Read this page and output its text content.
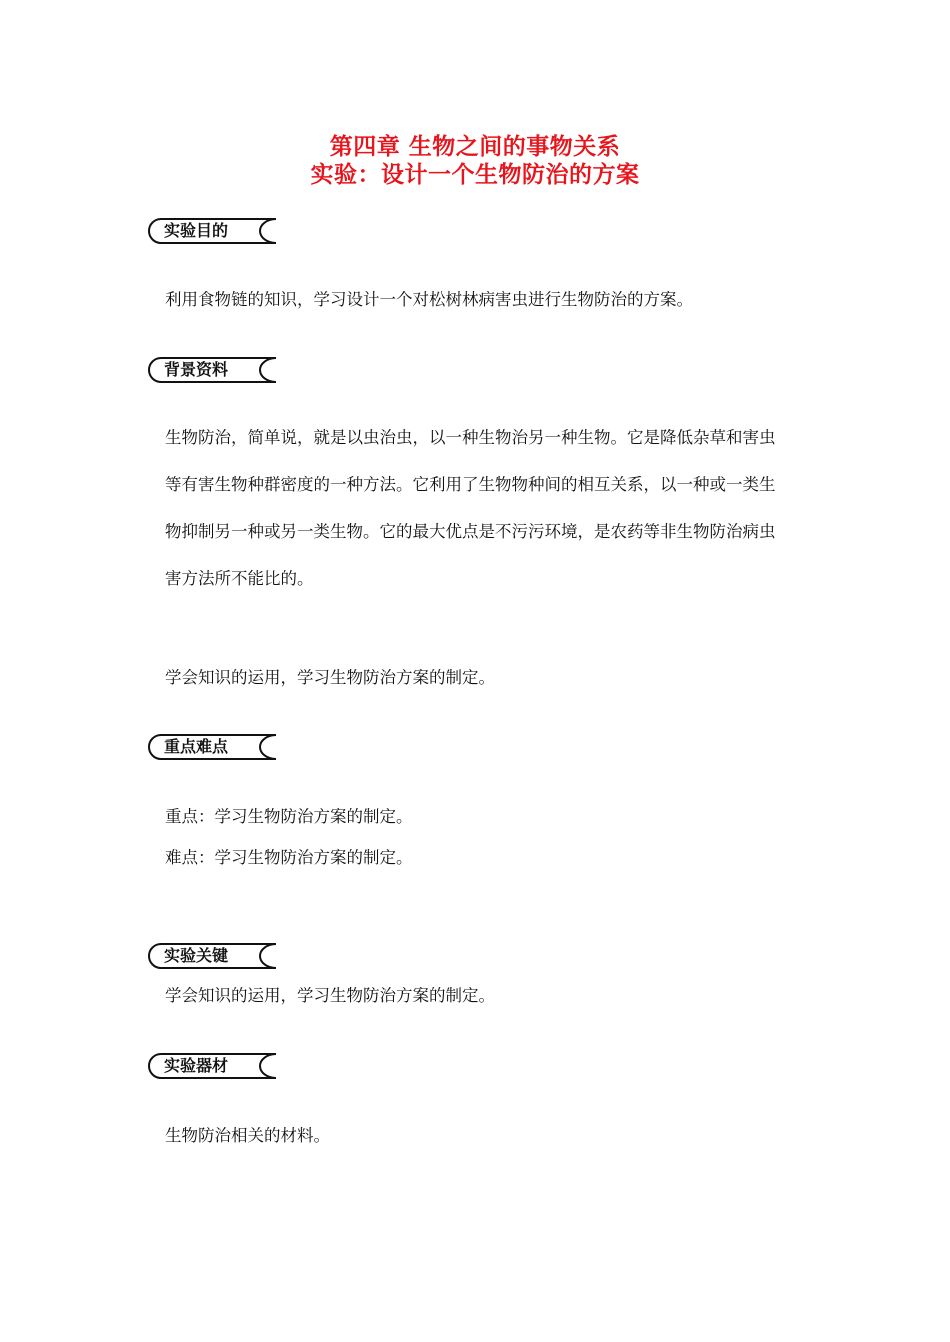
第四章 生物之间的事物关系
实验：设计一个生物防治的方案
实验目的

利用食物链的知识，学习设计一个对松树林病害虫进行生物防治的方案。

背景资料

生物防治，简单说，就是以虫治虫，以一种生物治另一种生物。它是降低杂草和害虫等有害生物种群密度的一种方法。它利用了生物物种间的相互关系，以一种或一类生物抑制另一种或另一类生物。它的最大优点是不污污环境，是农药等非生物防治病虫害方法所不能比的。

学会知识的运用，学习生物防治方案的制定。

重点难点

重点：学习生物防治方案的制定。

难点：学习生物防治方案的制定。

实验关键

学会知识的运用，学习生物防治方案的制定。

实验器材

生物防治相关的材料。
